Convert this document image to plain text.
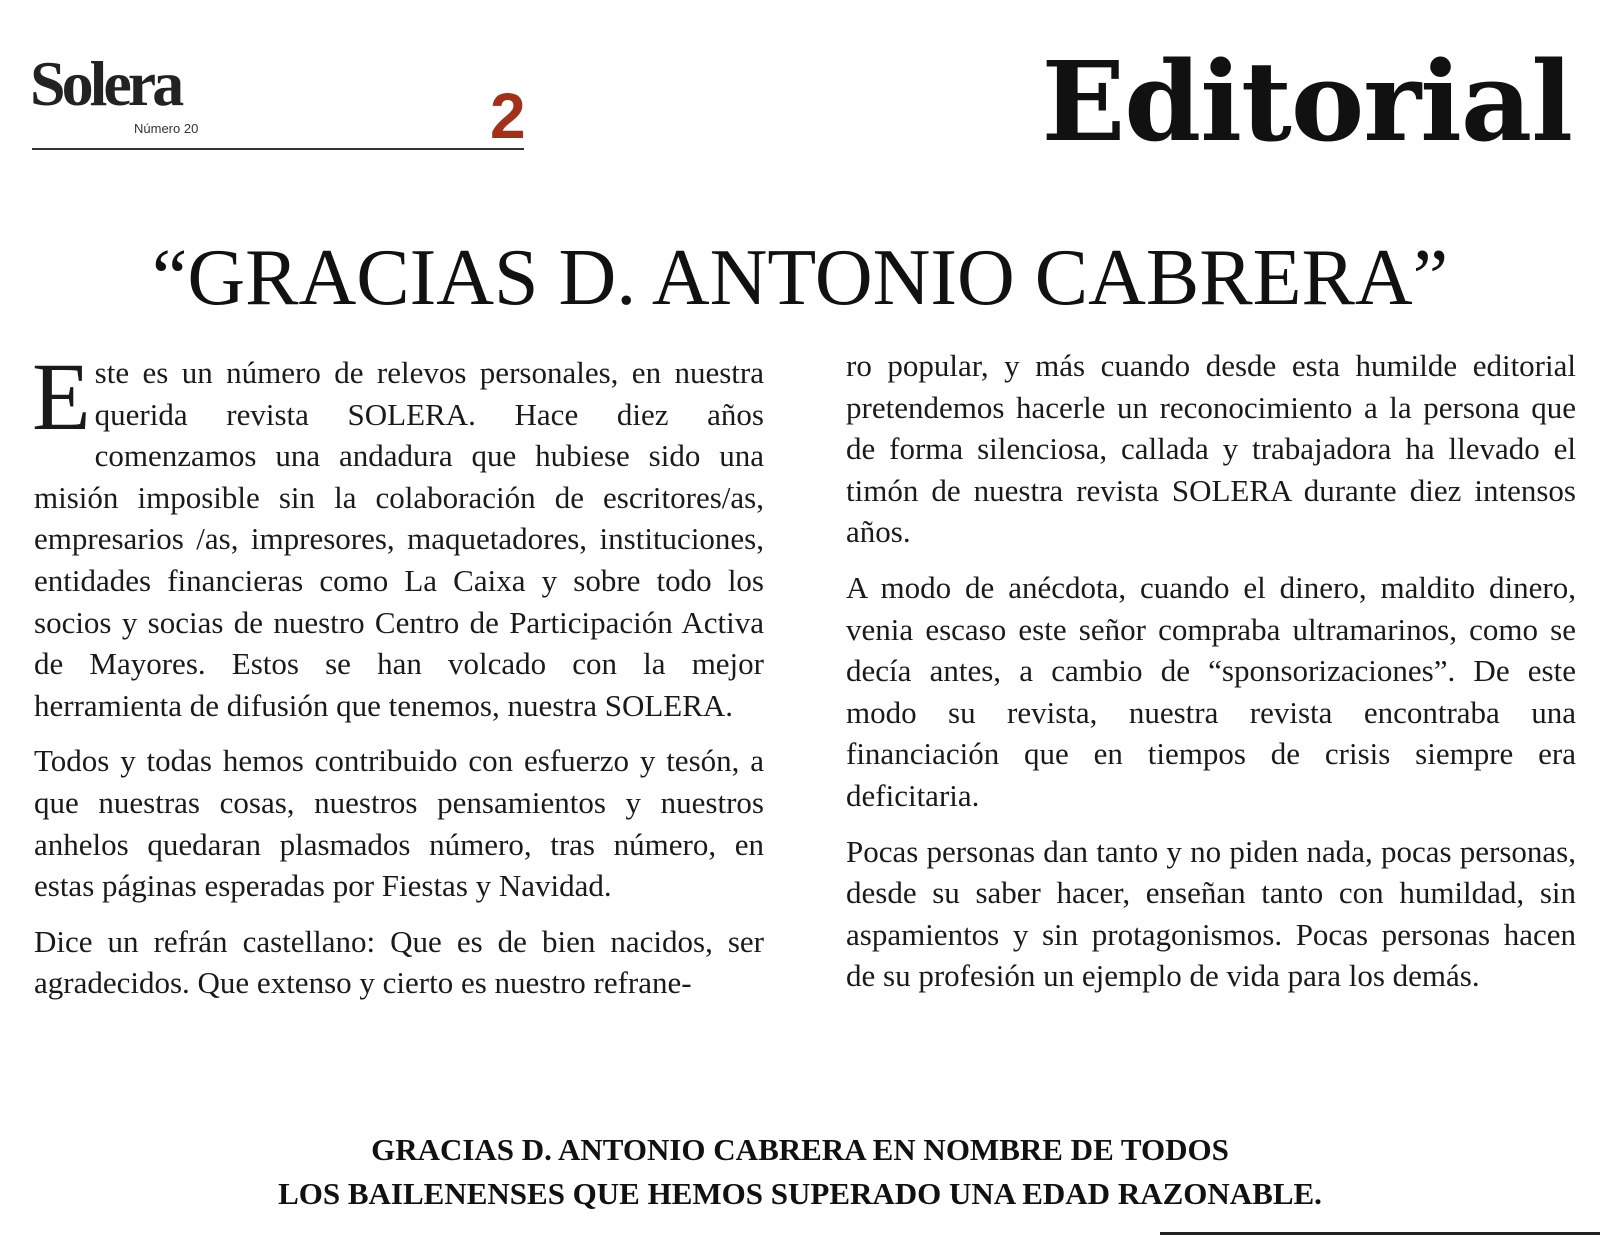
Solera
Número 20	2	Editorial
“GRACIAS D. ANTONIO CABRERA”

Este es un número de relevos personales, en nuestra querida revista SOLERA. Hace diez años comenzamos una andadura que hubiese sido una misión imposible sin la colaboración de escritores/as, empresarios /as, impresores, maquetadores, instituciones, entidades financieras como La Caixa y sobre todo los socios y socias de nuestro Centro de Participación Activa de Mayores. Estos se han volcado con la mejor herramienta de difusión que tenemos, nuestra SOLERA.

Todos y todas hemos contribuido con esfuerzo y tesón, a que nuestras cosas, nuestros pensamientos y nuestros anhelos quedaran plasmados número, tras número, en estas páginas esperadas por Fiestas y Navidad.

Dice un refrán castellano: Que es de bien nacidos, ser agradecidos. Que extenso y cierto es nuestro refrane-

ro popular, y más cuando desde esta humilde editorial pretendemos hacerle un reconocimiento a la persona que de forma silenciosa, callada y trabajadora ha llevado el timón de nuestra revista SOLERA durante diez intensos años.

A modo de anécdota, cuando el dinero, maldito dinero, venia escaso este señor compraba ultramarinos, como se decía antes, a cambio de “sponsorizaciones”. De este modo su revista, nuestra revista encontraba una financiación que en tiempos de crisis siempre era deficitaria.

Pocas personas dan tanto y no piden nada, pocas personas, desde su saber hacer, enseñan tanto con humildad, sin aspamientos y sin protagonismos. Pocas personas hacen de su profesión un ejemplo de vida para los demás.

GRACIAS D. ANTONIO CABRERA EN NOMBRE DE TODOS
LOS BAILENENSES QUE HEMOS SUPERADO UNA EDAD RAZONABLE.
